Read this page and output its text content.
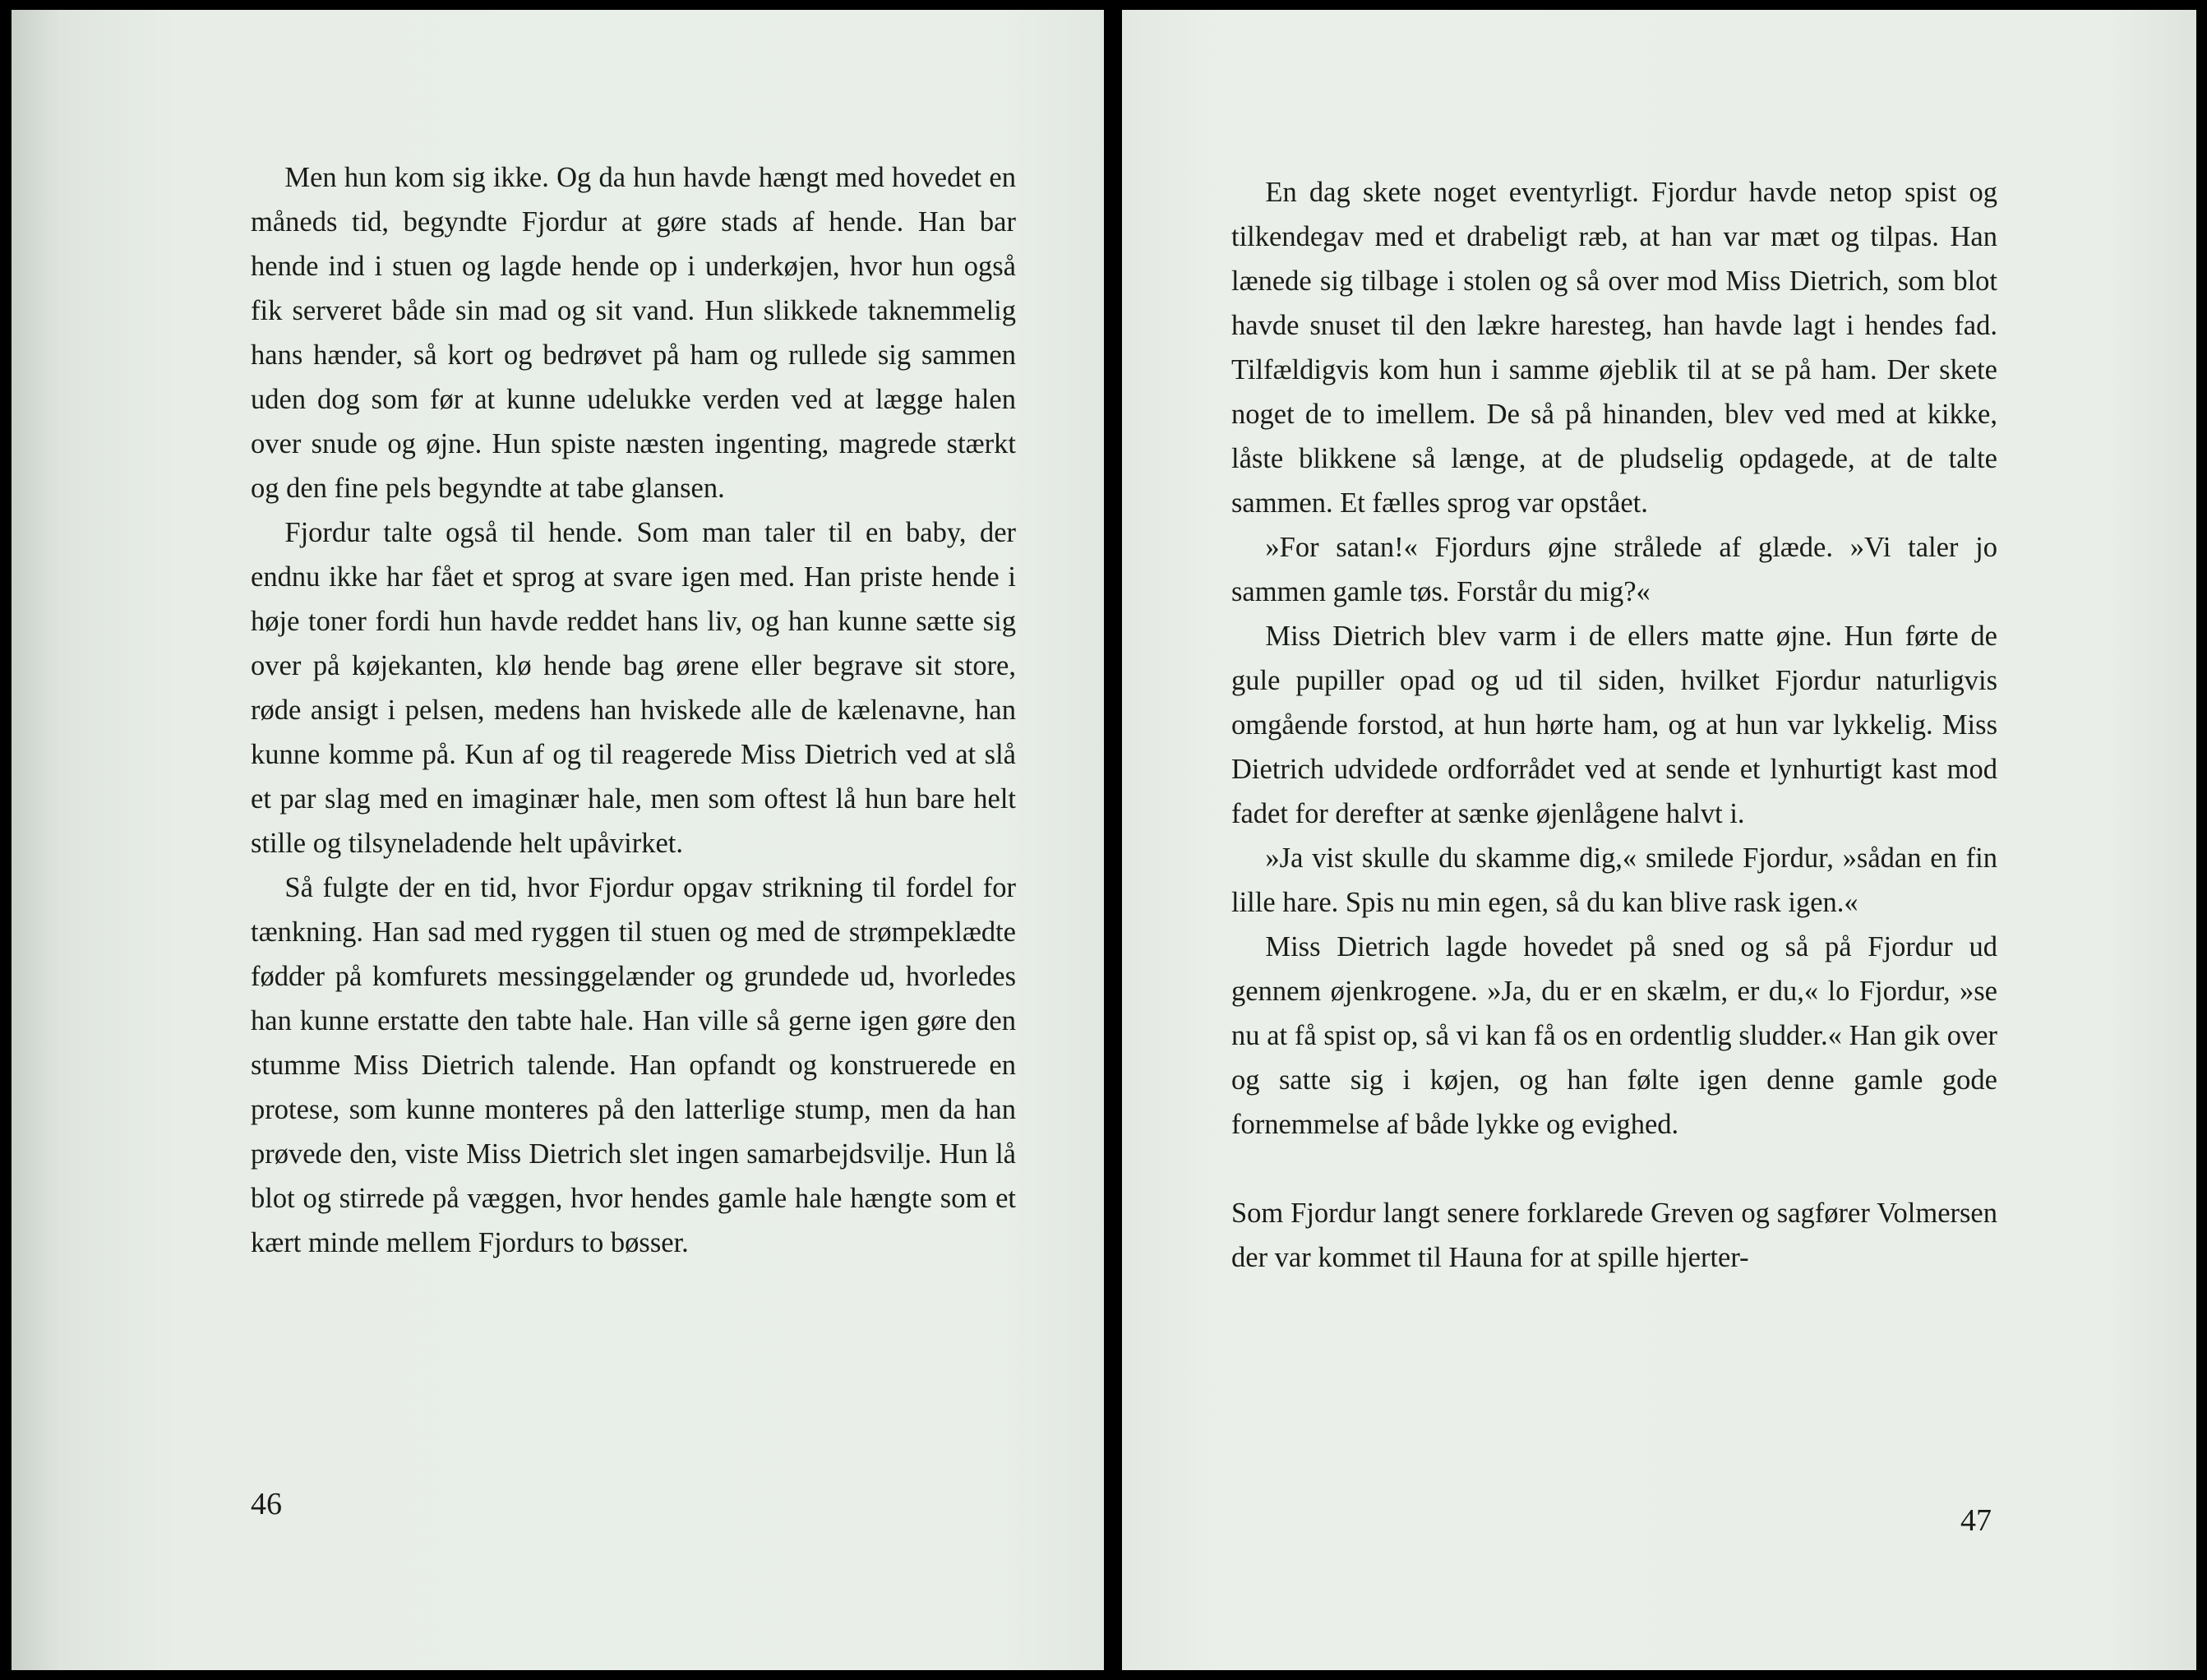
Men hun kom sig ikke. Og da hun havde hængt med hovedet en måneds tid, begyndte Fjordur at gøre stads af hende. Han bar hende ind i stuen og lagde hende op i underkøjen, hvor hun også fik serveret både sin mad og sit vand. Hun slikkede taknemmelig hans hænder, så kort og bedrøvet på ham og rullede sig sammen uden dog som før at kunne udelukke verden ved at lægge halen over snude og øjne. Hun spiste næsten ingenting, magrede stærkt og den fine pels begyndte at tabe glansen.

Fjordur talte også til hende. Som man taler til en baby, der endnu ikke har fået et sprog at svare igen med. Han priste hende i høje toner fordi hun havde reddet hans liv, og han kunne sætte sig over på køjekanten, klø hende bag ørene eller begrave sit store, røde ansigt i pelsen, medens han hviskede alle de kælenavne, han kunne komme på. Kun af og til reagerede Miss Dietrich ved at slå et par slag med en imaginær hale, men som oftest lå hun bare helt stille og tilsyneladende helt upåvirket.

Så fulgte der en tid, hvor Fjordur opgav strikning til fordel for tænkning. Han sad med ryggen til stuen og med de strømpeklædte fødder på komfurets messinggelænder og grundede ud, hvorledes han kunne erstatte den tabte hale. Han ville så gerne igen gøre den stumme Miss Dietrich talende. Han opfandt og konstruerede en protese, som kunne monteres på den latterlige stump, men da han prøvede den, viste Miss Dietrich slet ingen samarbejdsvilje. Hun lå blot og stirrede på væggen, hvor hendes gamle hale hængte som et kært minde mellem Fjordurs to bøsser.

46

En dag skete noget eventyrligt. Fjordur havde netop spist og tilkendegav med et drabeligt ræb, at han var mæt og tilpas. Han lænede sig tilbage i stolen og så over mod Miss Dietrich, som blot havde snuset til den lækre haresteg, han havde lagt i hendes fad. Tilfældigvis kom hun i samme øjeblik til at se på ham. Der skete noget de to imellem. De så på hinanden, blev ved med at kikke, låste blikkene så længe, at de pludselig opdagede, at de talte sammen. Et fælles sprog var opstået.

»For satan!« Fjordurs øjne strålede af glæde. »Vi taler jo sammen gamle tøs. Forstår du mig?«

Miss Dietrich blev varm i de ellers matte øjne. Hun førte de gule pupiller opad og ud til siden, hvilket Fjordur naturligvis omgående forstod, at hun hørte ham, og at hun var lykkelig. Miss Dietrich udvidede ordforrådet ved at sende et lynhurtigt kast mod fadet for derefter at sænke øjenlågene halvt i.

»Ja vist skulle du skamme dig,« smilede Fjordur, »sådan en fin lille hare. Spis nu min egen, så du kan blive rask igen.«

Miss Dietrich lagde hovedet på sned og så på Fjordur ud gennem øjenkrogene. »Ja, du er en skælm, er du,« lo Fjordur, »se nu at få spist op, så vi kan få os en ordentlig sludder.« Han gik over og satte sig i køjen, og han følte igen denne gamle gode fornemmelse af både lykke og evighed.

Som Fjordur langt senere forklarede Greven og sagfører Volmersen der var kommet til Hauna for at spille hjerter-

47
